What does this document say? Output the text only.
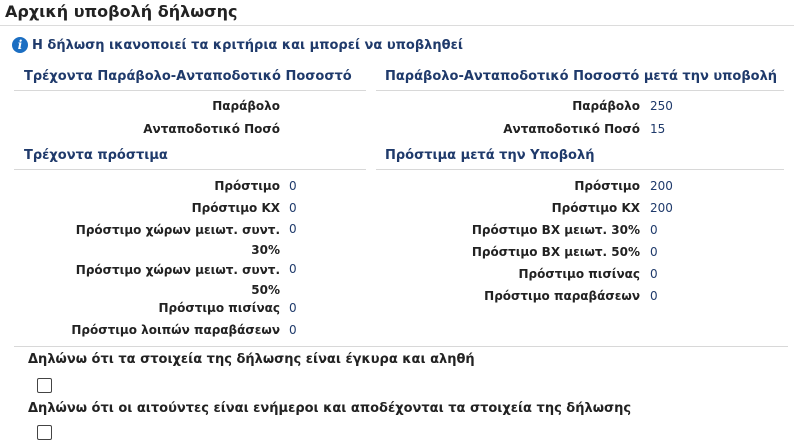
Αρχική υποβολή δήλωσης
i Η δήλωση ικανοποιεί τα κριτήρια και μπορεί να υποβληθεί
Τρέχοντα Παράβολο-Ανταποδοτικό Ποσοστό
Παράβολο
Ανταποδοτικό Ποσό
Παράβολο-Ανταποδοτικό Ποσοστό μετά την υποβολή
Παράβολο 250
Ανταποδοτικό Ποσό 15
Τρέχοντα πρόστιμα
Πρόστιμο 0
Πρόστιμο ΚΧ 0
Πρόστιμο χώρων μειωτ. συντ. 30%
0
Πρόστιμο χώρων μειωτ. συντ. 50%
0
Πρόστιμο πισίνας 0
Πρόστιμο λοιπών παραβάσεων 0
Πρόστιμα μετά την Υποβολή
Πρόστιμο 200
Πρόστιμο ΚΧ 200
Πρόστιμο ΒΧ μειωτ. 30% 0
Πρόστιμο ΒΧ μειωτ. 50% 0
Πρόστιμο πισίνας 0
Πρόστιμο παραβάσεων 0
Δηλώνω ότι τα στοιχεία της δήλωσης είναι έγκυρα και αληθή
Δηλώνω ότι οι αιτούντες είναι ενήμεροι και αποδέχονται τα στοιχεία της δήλωσης
